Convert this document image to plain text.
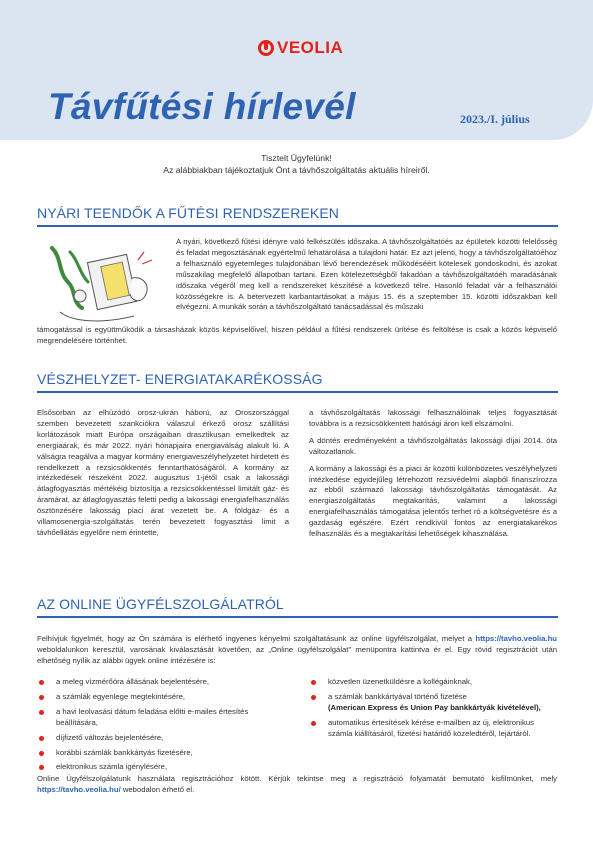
VEOLIA
Távfűtési hírlevél	2023./I. július
Tisztelt Ügyfelünk!
Az alábbiakban tájékoztatjuk Önt a távhőszolgáltatás aktuális híreiről.
NYÁRI TEENDŐK A FŰTÉSI RENDSZEREKEN

A nyári, következő fűtési idényre való felkészülés időszaka. A távhőszolgáltatóés az épületek közötti felelősség és feladat megosztásának egyértelmű lehatárolása a tulajdoni határ. Ez azt jelenti, hogy a távhőszolgáltatóéhoz a felhasználó egyetemleges tulajdonában lévő berendezések működéséért kötelesek gondoskodni, és azokat műszakilag megfelelő állapotban tartani. Ezen kötelezettségből fakadóan a távhőszolgáltatóéh maradásának időszaka végéről meg kell a rendszereket készítésé a következő télre. Hasonló feladat vár a felhasználói közösségekre is. A betervezett karbantartásokat a május 15. és a szeptember 15. közötti időszakban kell elvégezni. A munkák során a távhőszolgáltató tanácsadással és műszaki

támogatással is együttműködik a társasházak közös képviselőivel, hiszen például a fűtési rendszerek ürítése és feltöltése is csak a közös képviselő megrendelésére történhet.

VÉSZHELYZET- ENERGIATAKARÉKOSSÁG

Elsősorban az elhúzódó orosz-ukrán háború, az Oroszországgal szemben bevezetett szankciókra válaszul érkező orosz szállítási korlátozások miatt Európa országaiban drasztikusan emelkedtek az energiaárak, és már 2022. nyári hónapjaira energiaválság alakult ki. A válságra reagálva a magyar kormány energiaveszélyhelyzetet hirdetett és rendelkezett a rezsicsökkentés fenntarthatóságáról. A kormány az intézkedések részeként 2022. augusztus 1-jétől csak a lakossági átlagfogyasztás mértékéig biztosítja a rezsicsökkentéssel limitált gáz- és áramárat, az átlagfogyasztás feletti pedig a lakossági energiafelhasználás ösztönzésére lakosság piaci árat vezetett be. A földgáz- és a villamosenergia-szolgáltatás terén bevezetett fogyasztási limit a távhőellátás egyelőre nem érintette,

a távhőszolgáltatás lakossági felhasználóinak teljes fogyasztását továbbra is a rezsicsökkentett hatósági áron kell elszámolni.

A döntés eredményeként a távhőszolgáltatás lakossági díjai 2014. óta változatlanok.

A kormány a lakossági és a piaci ár közötti különbözetes veszélyhelyzeti intézkedése egyidejűleg létrehozott rezsivédelmi alapból finanszírozza az ebből származó lakossági távhőszolgáltatás támogatását. Az energiaszolgáltatás megtakarítás, valamint a lakossági energiafelhasználás támogatása jelentős terhet ró a költségvetésre és a gazdaság egészére. Ezért rendkívül fontos az energiatakarékos felhasználás és a megtakarítási lehetőségek kihasználása.

AZ ONLINE ÜGYFÉLSZOLGÁLATRÓL

Felhívjuk figyelmét, hogy az Ön számára is elérhető ingyenes kényelmi szolgáltatásunk az online ügyfélszolgálat, melyet a https://tavho.veolia.hu weboldalunkon keresztül, varosának kiválasztását követően, az „Online ügyfélszolgálat” menüpontra kattintva ér el. Egy rövid regisztrációt után elhetőség nyílik az alábbi ügyek online intézésére is:

a meleg vízmérőóra állásának bejelentésére,
a számlák egyenlege megtekintésére,
a havi leolvasási dátum feladása előtti e-mailes értesítés beállítására,
díjfizető változás bejelentésére,
korábbi számlák bankkártyás fizetésére,
elektronikus számla igénylésére,
közvetlen üzenetküldésre a kollégáinknak,
a számlák bankkártyával történő fizetése
(American Express és Union Pay bankkártyák kivételével),
automatikus értesítések kérése e-mailben az új, elektronikus számla kiállításáról, fizetési határidő közeledtéről, lejártáról.

Online Ügyfélszolgálatunk használata regisztrációhoz kötött. Kérjük tekintse meg a regisztráció folyamatát bemutató kisfilmünket, mely https://tavho.veolia.hu/ webodalon érhető el.
